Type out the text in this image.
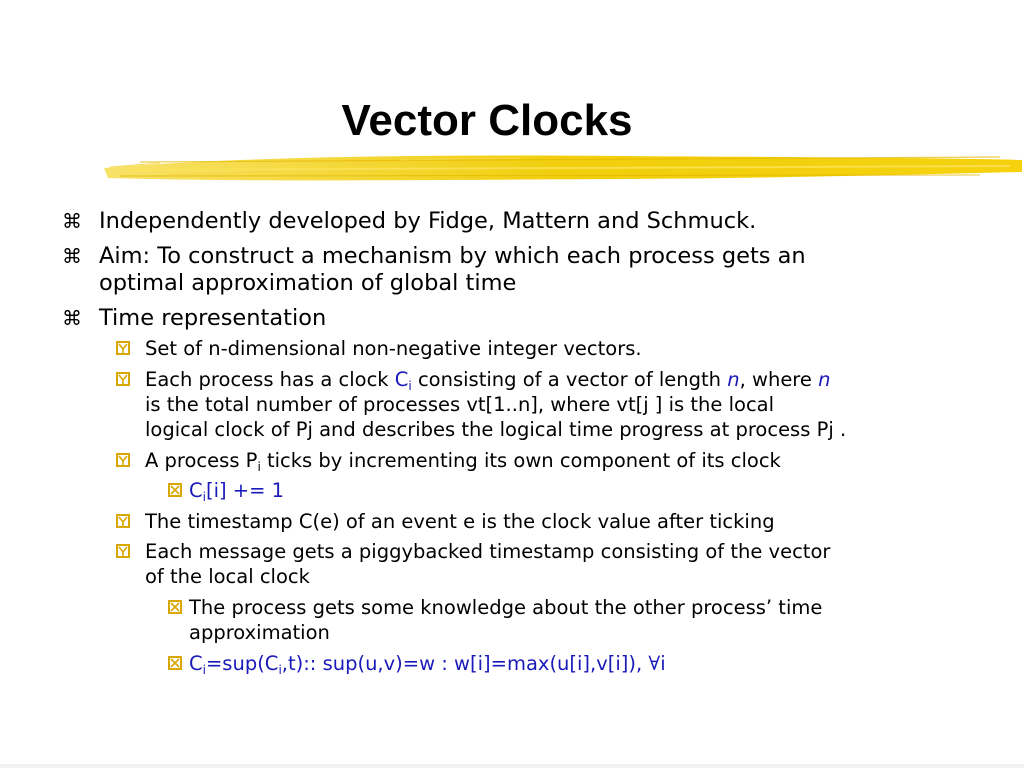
Vector Clocks
⌘ Independently developed by Fidge, Mattern and Schmuck.
⌘ Aim: To construct a mechanism by which each process gets an
optimal approximation of global time
⌘ Time representation
Set of n-dimensional non-negative integer vectors.
Each process has a clock $C_i$ consisting of a vector of length n, where n
is the total number of processes vt[1..n], where vt[j ] is the local
logical clock of Pj and describes the logical time progress at process Pj .
A process $P_i$ ticks by incrementing its own component of its clock
$C_i[i] += 1$
The timestamp C(e) of an event e is the clock value after ticking
Each message gets a piggybacked timestamp consisting of the vector
of the local clock
The process gets some knowledge about the other process’ time
approximation
$C_i=sup(C_i,t)$:: sup(u,v)=w : w[i]=max(u[i],v[i]), ∀i
